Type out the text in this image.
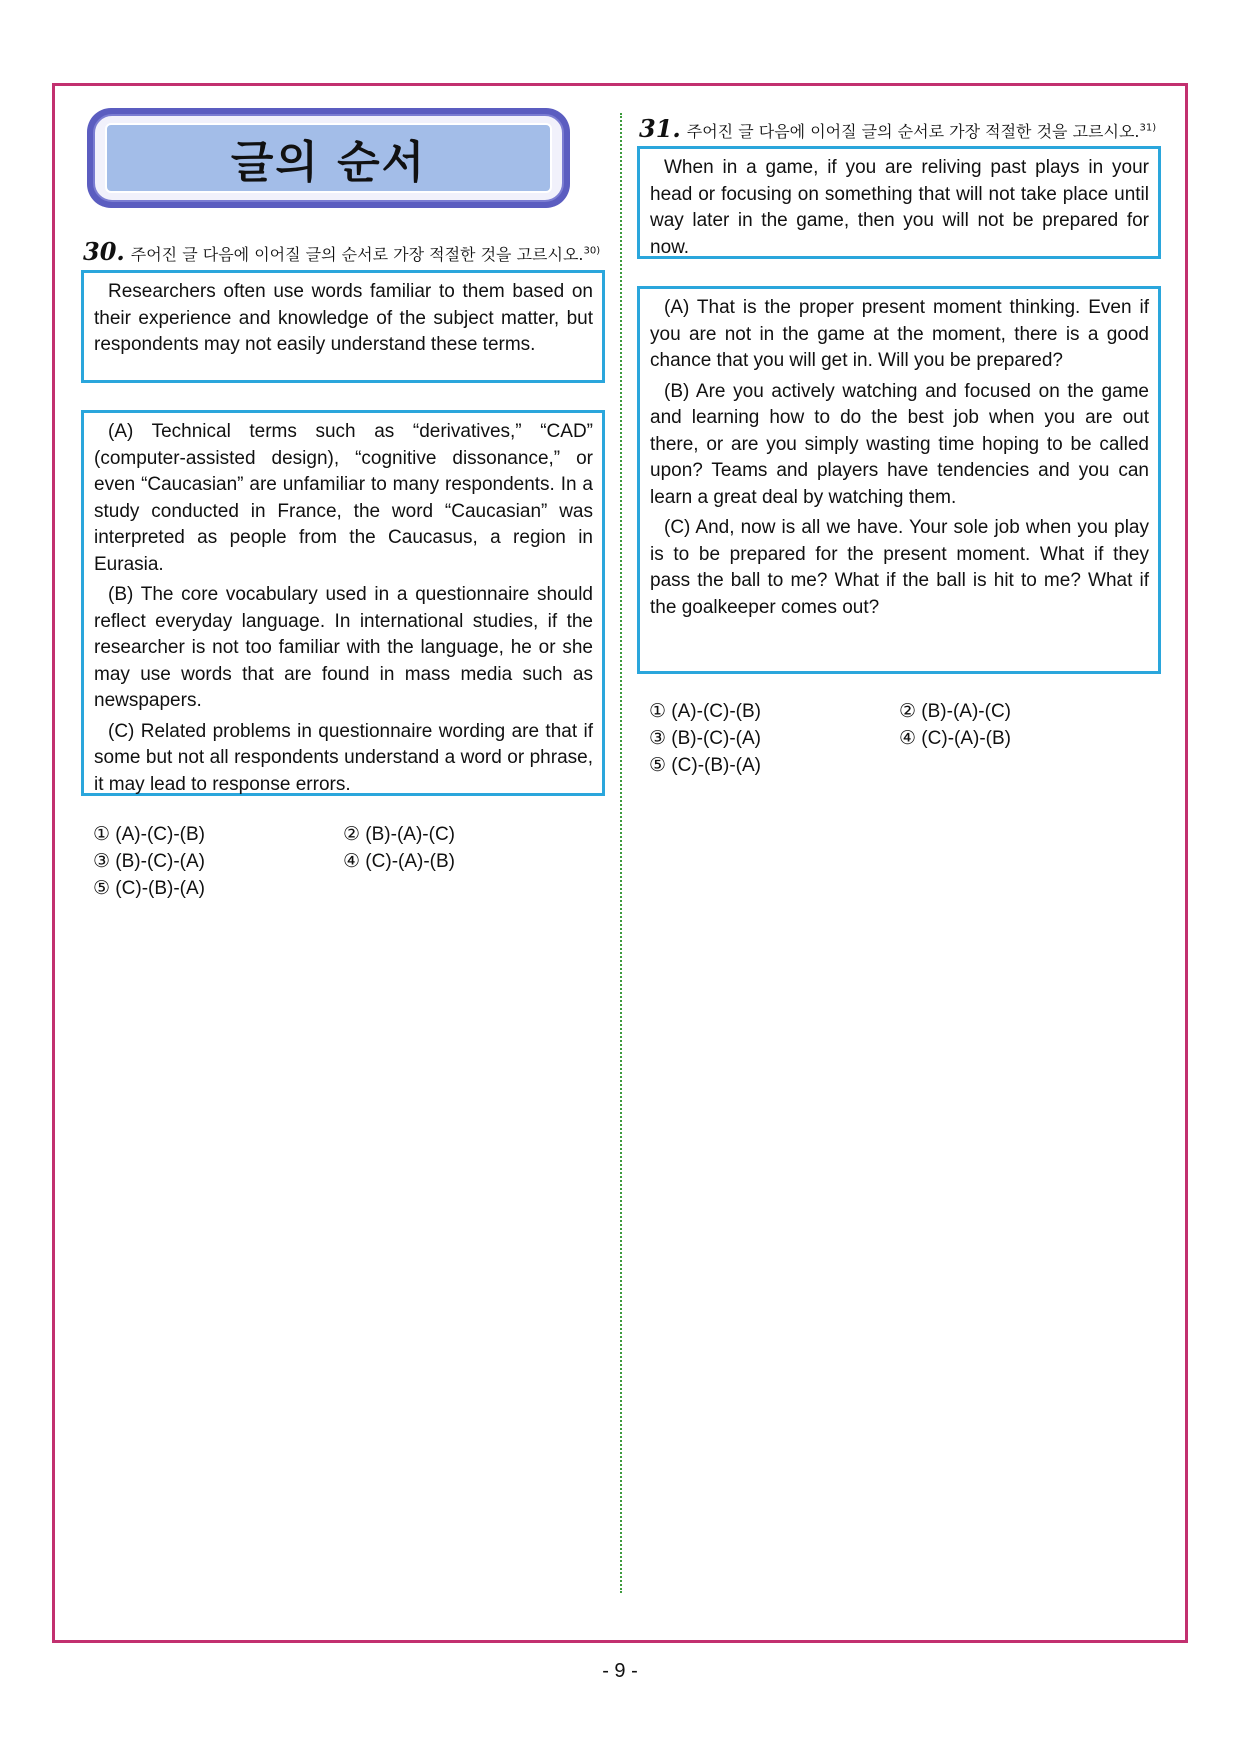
글의 순서
30. 주어진 글 다음에 이어질 글의 순서로 가장 적절한 것을 고르시오.$^{30)}$

Researchers often use words familiar to them based on their experience and knowledge of the subject matter, but respondents may not easily understand these terms.

(A) Technical terms such as “derivatives,” “CAD” (computer-assisted design), “cognitive dissonance,” or even “Caucasian” are unfamiliar to many respondents. In a study conducted in France, the word “Caucasian” was interpreted as people from the Caucasus, a region in Eurasia.

(B) The core vocabulary used in a questionnaire should reflect everyday language. In international studies, if the researcher is not too familiar with the language, he or she may use words that are found in mass media such as newspapers.

(C) Related problems in questionnaire wording are that if some but not all respondents understand a word or phrase, it may lead to response errors.

① (A)-(C)-(B)	② (B)-(A)-(C)
③ (B)-(C)-(A)	④ (C)-(A)-(B)
⑤ (C)-(B)-(A)
31. 주어진 글 다음에 이어질 글의 순서로 가장 적절한 것을 고르시오.$^{31)}$

When in a game, if you are reliving past plays in your head or focusing on something that will not take place until way later in the game, then you will not be prepared for now.

(A) That is the proper present moment thinking. Even if you are not in the game at the moment, there is a good chance that you will get in. Will you be prepared?

(B) Are you actively watching and focused on the game and learning how to do the best job when you are out there, or are you simply wasting time hoping to be called upon? Teams and players have tendencies and you can learn a great deal by watching them.

(C) And, now is all we have. Your sole job when you play is to be prepared for the present moment. What if they pass the ball to me? What if the ball is hit to me? What if the goalkeeper comes out?

① (A)-(C)-(B)	② (B)-(A)-(C)
③ (B)-(C)-(A)	④ (C)-(A)-(B)
⑤ (C)-(B)-(A)
- 9 -
